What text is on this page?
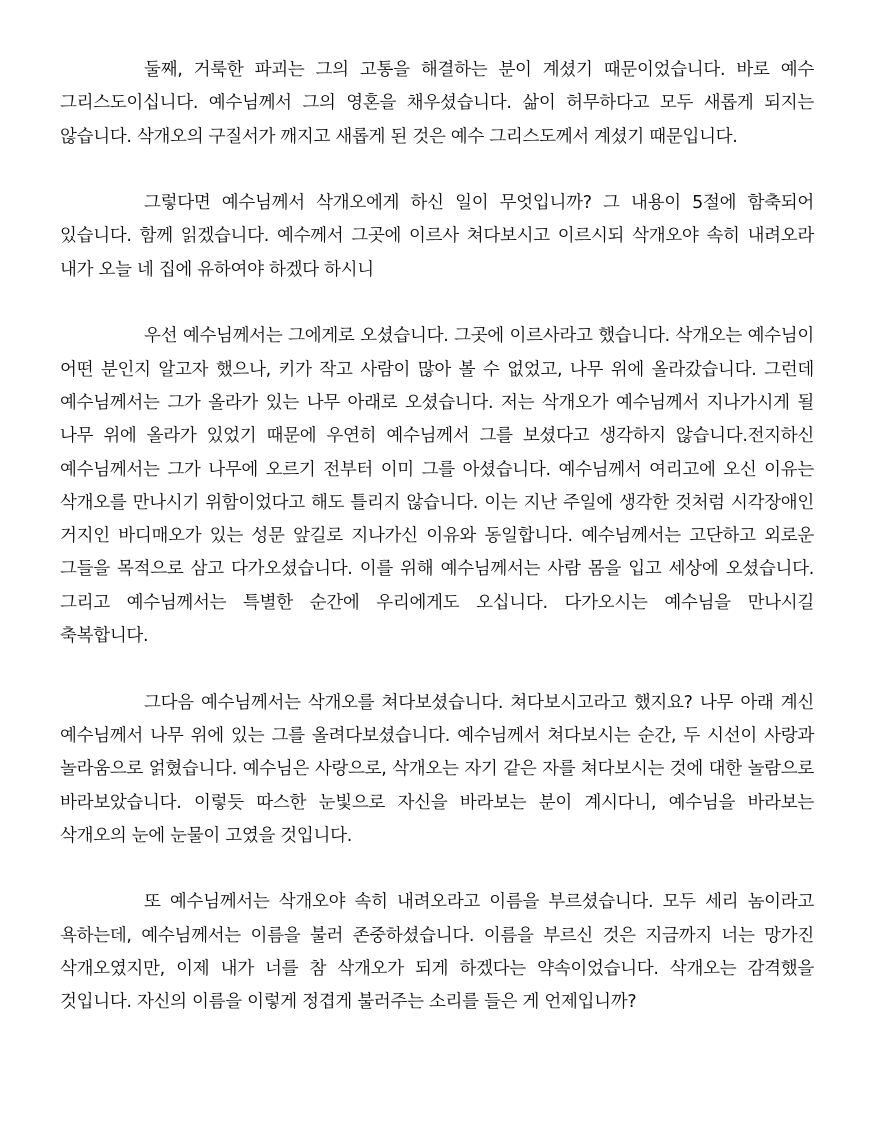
둘째, 거룩한 파괴는 그의 고통을 해결하는 분이 계셨기 때문이었습니다. 바로 예수 그리스도이십니다. 예수님께서 그의 영혼을 채우셨습니다. 삶이 허무하다고 모두 새롭게 되지는 않습니다. 삭개오의 구질서가 깨지고 새롭게 된 것은 예수 그리스도께서 계셨기 때문입니다.

그렇다면 예수님께서 삭개오에게 하신 일이 무엇입니까? 그 내용이 5절에 함축되어 있습니다. 함께 읽겠습니다. 예수께서 그곳에 이르사 쳐다보시고 이르시되 삭개오야 속히 내려오라 내가 오늘 네 집에 유하여야 하겠다 하시니

우선 예수님께서는 그에게로 오셨습니다. 그곳에 이르사라고 했습니다. 삭개오는 예수님이 어떤 분인지 알고자 했으나, 키가 작고 사람이 많아 볼 수 없었고, 나무 위에 올라갔습니다. 그런데 예수님께서는 그가 올라가 있는 나무 아래로 오셨습니다. 저는 삭개오가 예수님께서 지나가시게 될 나무 위에 올라가 있었기 때문에 우연히 예수님께서 그를 보셨다고 생각하지 않습니다.전지하신 예수님께서는 그가 나무에 오르기 전부터 이미 그를 아셨습니다. 예수님께서 여리고에 오신 이유는 삭개오를 만나시기 위함이었다고 해도 틀리지 않습니다. 이는 지난 주일에 생각한 것처럼 시각장애인 거지인 바디매오가 있는 성문 앞길로 지나가신 이유와 동일합니다. 예수님께서는 고단하고 외로운 그들을 목적으로 삼고 다가오셨습니다. 이를 위해 예수님께서는 사람 몸을 입고 세상에 오셨습니다. 그리고 예수님께서는 특별한 순간에 우리에게도 오십니다. 다가오시는 예수님을 만나시길 축복합니다.

그다음 예수님께서는 삭개오를 쳐다보셨습니다. 쳐다보시고라고 했지요? 나무 아래 계신 예수님께서 나무 위에 있는 그를 올려다보셨습니다. 예수님께서 쳐다보시는 순간, 두 시선이 사랑과 놀라움으로 얽혔습니다. 예수님은 사랑으로, 삭개오는 자기 같은 자를 쳐다보시는 것에 대한 놀람으로 바라보았습니다. 이렇듯 따스한 눈빛으로 자신을 바라보는 분이 계시다니, 예수님을 바라보는 삭개오의 눈에 눈물이 고였을 것입니다.

또 예수님께서는 삭개오야 속히 내려오라고 이름을 부르셨습니다. 모두 세리 놈이라고 욕하는데, 예수님께서는 이름을 불러 존중하셨습니다. 이름을 부르신 것은 지금까지 너는 망가진 삭개오였지만, 이제 내가 너를 참 삭개오가 되게 하겠다는 약속이었습니다. 삭개오는 감격했을 것입니다. 자신의 이름을 이렇게 정겹게 불러주는 소리를 들은 게 언제입니까?
